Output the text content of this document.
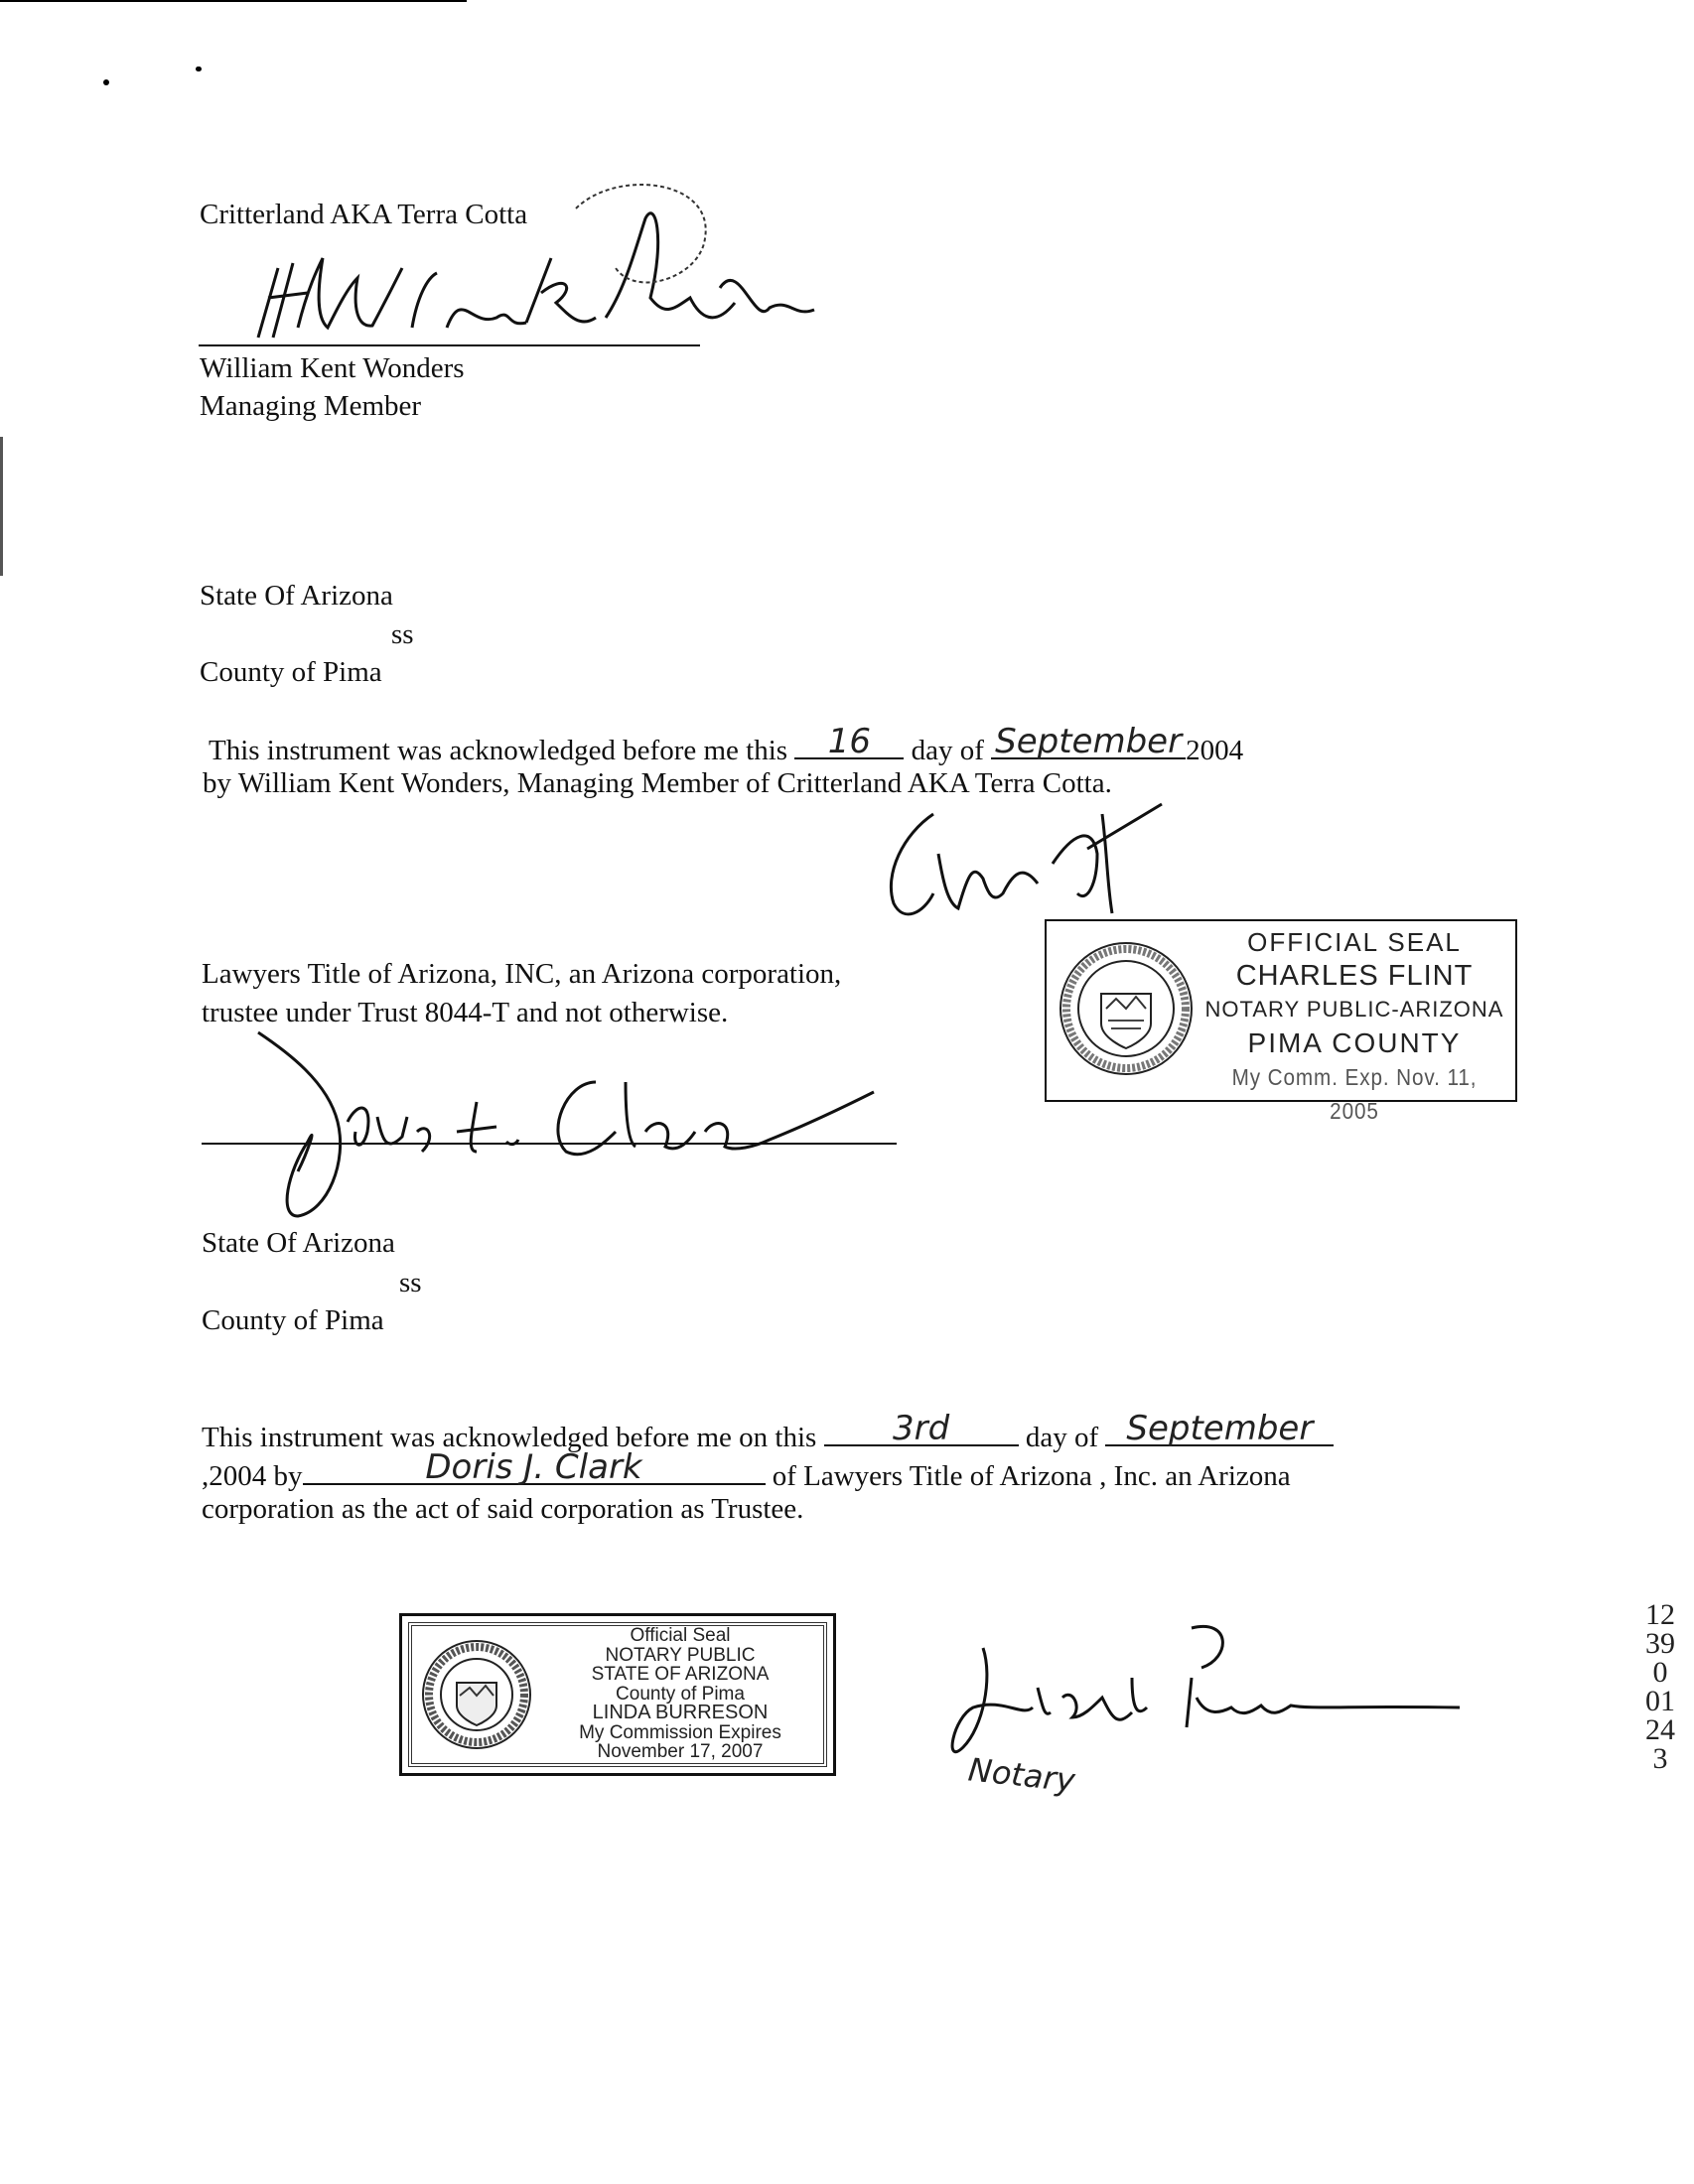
Critterland AKA Terra Cotta
William Kent Wonders
Managing Member
State Of Arizona
ss
County of Pima
This instrument was acknowledged before me this 16	day of September 2004
by William Kent Wonders, Managing Member of Critterland AKA Terra Cotta.
OFFICIAL SEAL
CHARLES FLINT
NOTARY PUBLIC-ARIZONA
PIMA COUNTY
My Comm. Exp. Nov. 11, 2005
Lawyers Title of Arizona, INC, an Arizona corporation,
trustee under Trust 8044-T and not otherwise.
State Of Arizona
ss
County of Pima
This instrument was acknowledged before me on this	3rd	day of September
,2004 by	Doris J. Clark	of Lawyers Title of Arizona , Inc. an Arizona
corporation as the act of said corporation as Trustee.
Official Seal
NOTARY PUBLIC
STATE OF ARIZONA
County of Pima
LINDA BURRESON
My Commission Expires November 17, 2007	Notary
12390 01243
